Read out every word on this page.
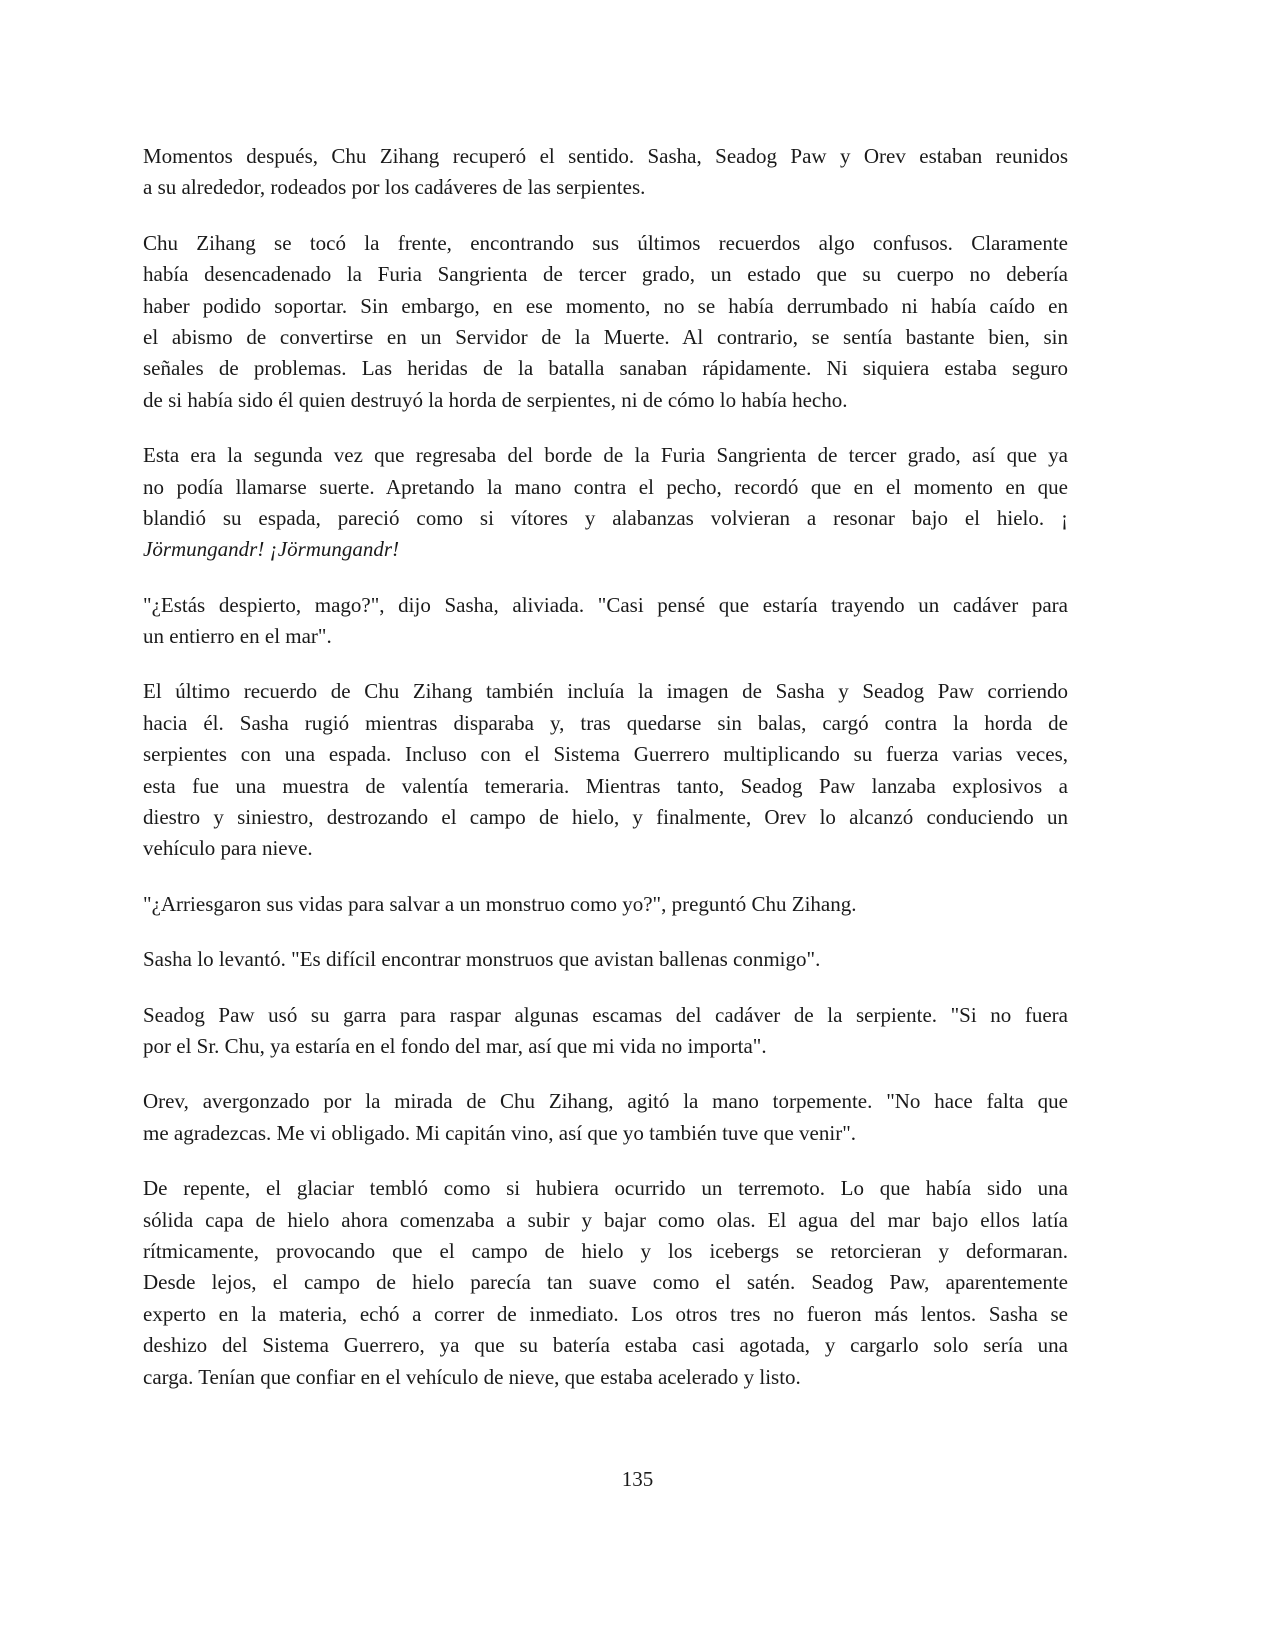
Momentos después, Chu Zihang recuperó el sentido. Sasha, Seadog Paw y Orev estaban reunidos
a su alrededor, rodeados por los cadáveres de las serpientes.
Chu Zihang se tocó la frente, encontrando sus últimos recuerdos algo confusos. Claramente
había desencadenado la Furia Sangrienta de tercer grado, un estado que su cuerpo no debería
haber podido soportar. Sin embargo, en ese momento, no se había derrumbado ni había caído en
el abismo de convertirse en un Servidor de la Muerte. Al contrario, se sentía bastante bien, sin
señales de problemas. Las heridas de la batalla sanaban rápidamente. Ni siquiera estaba seguro
de si había sido él quien destruyó la horda de serpientes, ni de cómo lo había hecho.
Esta era la segunda vez que regresaba del borde de la Furia Sangrienta de tercer grado, así que ya
no podía llamarse suerte. Apretando la mano contra el pecho, recordó que en el momento en que
blandió su espada, pareció como si vítores y alabanzas volvieran a resonar bajo el hielo. ¡
Jörmungandr! ¡Jörmungandr!
"¿Estás despierto, mago?", dijo Sasha, aliviada. "Casi pensé que estaría trayendo un cadáver para
un entierro en el mar".
El último recuerdo de Chu Zihang también incluía la imagen de Sasha y Seadog Paw corriendo
hacia él. Sasha rugió mientras disparaba y, tras quedarse sin balas, cargó contra la horda de
serpientes con una espada. Incluso con el Sistema Guerrero multiplicando su fuerza varias veces,
esta fue una muestra de valentía temeraria. Mientras tanto, Seadog Paw lanzaba explosivos a
diestro y siniestro, destrozando el campo de hielo, y finalmente, Orev lo alcanzó conduciendo un
vehículo para nieve.
"¿Arriesgaron sus vidas para salvar a un monstruo como yo?", preguntó Chu Zihang.
Sasha lo levantó. "Es difícil encontrar monstruos que avistan ballenas conmigo".
Seadog Paw usó su garra para raspar algunas escamas del cadáver de la serpiente. "Si no fuera
por el Sr. Chu, ya estaría en el fondo del mar, así que mi vida no importa".
Orev, avergonzado por la mirada de Chu Zihang, agitó la mano torpemente. "No hace falta que
me agradezcas. Me vi obligado. Mi capitán vino, así que yo también tuve que venir".
De repente, el glaciar tembló como si hubiera ocurrido un terremoto. Lo que había sido una
sólida capa de hielo ahora comenzaba a subir y bajar como olas. El agua del mar bajo ellos latía
rítmicamente, provocando que el campo de hielo y los icebergs se retorcieran y deformaran.
Desde lejos, el campo de hielo parecía tan suave como el satén. Seadog Paw, aparentemente
experto en la materia, echó a correr de inmediato. Los otros tres no fueron más lentos. Sasha se
deshizo del Sistema Guerrero, ya que su batería estaba casi agotada, y cargarlo solo sería una
carga. Tenían que confiar en el vehículo de nieve, que estaba acelerado y listo.
135
